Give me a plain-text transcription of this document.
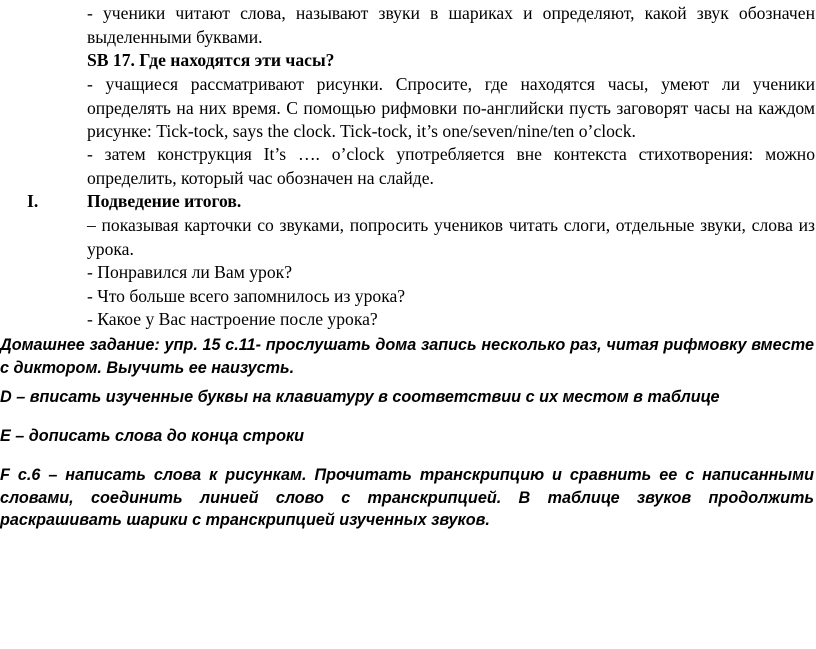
- ученики читают слова, называют звуки в шариках и определяют, какой звук обозначен выделенными буквами.
SB 17. Где находятся эти часы?
- учащиеся рассматривают рисунки. Спросите, где находятся часы, умеют ли ученики определять на них время. С помощью рифмовки по-английски пусть заговорят часы на каждом рисунке: Tick-tock, says the clock. Tick-tock, it’s one/seven/nine/ten o’clock.
- затем конструкция It’s …. o’clock употребляется вне контекста стихотворения: можно определить, который час обозначен на слайде.
I.	Подведение итогов.
– показывая карточки со звуками, попросить учеников читать слоги, отдельные звуки, слова из урока.
- Понравился ли Вам урок?
- Что больше всего запомнилось из урока?
- Какое у Вас настроение после урока?
Домашнее задание: упр. 15 с.11- прослушать дома запись несколько раз, читая рифмовку вместе с диктором. Выучить ее наизусть.
D – вписать изученные буквы на клавиатуру в соответствии с их местом в таблице
E – дописать слова до конца строки
F с.6 – написать слова к рисункам. Прочитать транскрипцию и сравнить ее с написанными словами, соединить линией слово с транскрипцией. В таблице звуков продолжить раскрашивать шарики с транскрипцией изученных звуков.
